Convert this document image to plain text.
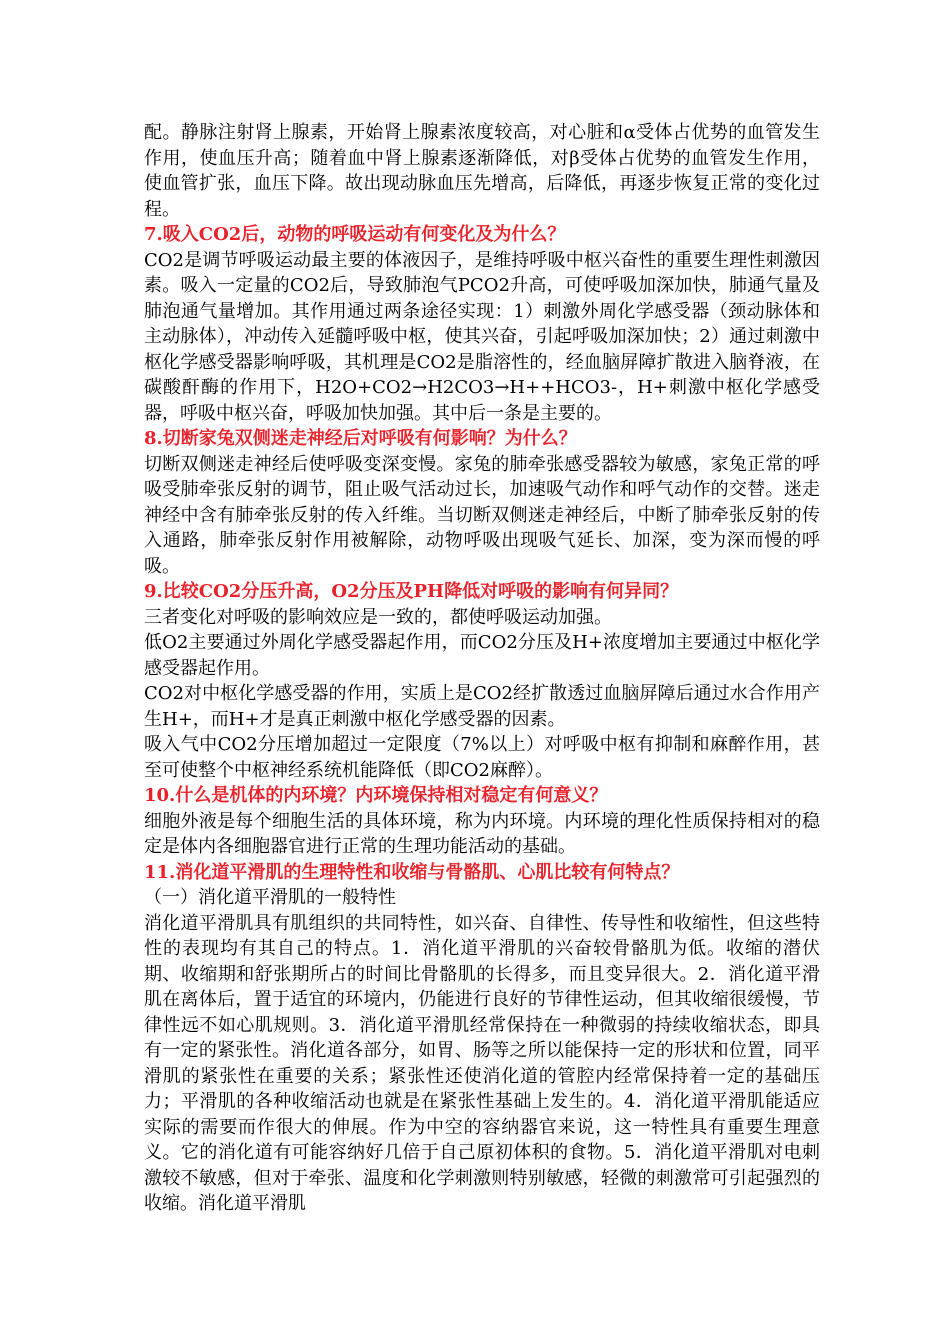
配。静脉注射肾上腺素，开始肾上腺素浓度较高，对心脏和α受体占优势的血管发生作用，使血压升高；随着血中肾上腺素逐渐降低，对β受体占优势的血管发生作用，使血管扩张，血压下降。故出现动脉血压先增高，后降低，再逐步恢复正常的变化过程。

7.吸入CO2后，动物的呼吸运动有何变化及为什么？

CO2是调节呼吸运动最主要的体液因子，是维持呼吸中枢兴奋性的重要生理性刺激因素。吸入一定量的CO2后，导致肺泡气PCO2升高，可使呼吸加深加快，肺通气量及肺泡通气量增加。其作用通过两条途径实现：1）刺激外周化学感受器（颈动脉体和主动脉体），冲动传入延髓呼吸中枢，使其兴奋，引起呼吸加深加快；2）通过刺激中枢化学感受器影响呼吸，其机理是CO2是脂溶性的，经血脑屏障扩散进入脑脊液，在碳酸酐酶的作用下，H2O+CO2→H2CO3→H++HCO3-，H+刺激中枢化学感受器，呼吸中枢兴奋，呼吸加快加强。其中后一条是主要的。

8.切断家兔双侧迷走神经后对呼吸有何影响？为什么？

切断双侧迷走神经后使呼吸变深变慢。家兔的肺牵张感受器较为敏感，家兔正常的呼吸受肺牵张反射的调节，阻止吸气活动过长，加速吸气动作和呼气动作的交替。迷走神经中含有肺牵张反射的传入纤维。当切断双侧迷走神经后，中断了肺牵张反射的传入通路，肺牵张反射作用被解除，动物呼吸出现吸气延长、加深，变为深而慢的呼吸。

9.比较CO2分压升高，O2分压及PH降低对呼吸的影响有何异同？

三者变化对呼吸的影响效应是一致的，都使呼吸运动加强。

低O2主要通过外周化学感受器起作用，而CO2分压及H+浓度增加主要通过中枢化学感受器起作用。

CO2对中枢化学感受器的作用，实质上是CO2经扩散透过血脑屏障后通过水合作用产生H+，而H+才是真正刺激中枢化学感受器的因素。

吸入气中CO2分压增加超过一定限度（7%以上）对呼吸中枢有抑制和麻醉作用，甚至可使整个中枢神经系统机能降低（即CO2麻醉）。

10.什么是机体的内环境？内环境保持相对稳定有何意义？

细胞外液是每个细胞生活的具体环境，称为内环境。内环境的理化性质保持相对的稳定是体内各细胞器官进行正常的生理功能活动的基础。

11.消化道平滑肌的生理特性和收缩与骨骼肌、心肌比较有何特点？

（一）消化道平滑肌的一般特性

消化道平滑肌具有肌组织的共同特性，如兴奋、自律性、传导性和收缩性，但这些特性的表现均有其自己的特点。1．消化道平滑肌的兴奋较骨骼肌为低。收缩的潜伏期、收缩期和舒张期所占的时间比骨骼肌的长得多，而且变异很大。2．消化道平滑肌在离体后，置于适宜的环境内，仍能进行良好的节律性运动，但其收缩很缓慢，节律性远不如心肌规则。3．消化道平滑肌经常保持在一种微弱的持续收缩状态，即具有一定的紧张性。消化道各部分，如胃、肠等之所以能保持一定的形状和位置，同平滑肌的紧张性在重要的关系；紧张性还使消化道的管腔内经常保持着一定的基础压力；平滑肌的各种收缩活动也就是在紧张性基础上发生的。4．消化道平滑肌能适应实际的需要而作很大的伸展。作为中空的容纳器官来说，这一特性具有重要生理意义。它的消化道有可能容纳好几倍于自己原初体积的食物。5．消化道平滑肌对电刺激较不敏感，但对于牵张、温度和化学刺激则特别敏感，轻微的刺激常可引起强烈的收缩。消化道平滑肌
